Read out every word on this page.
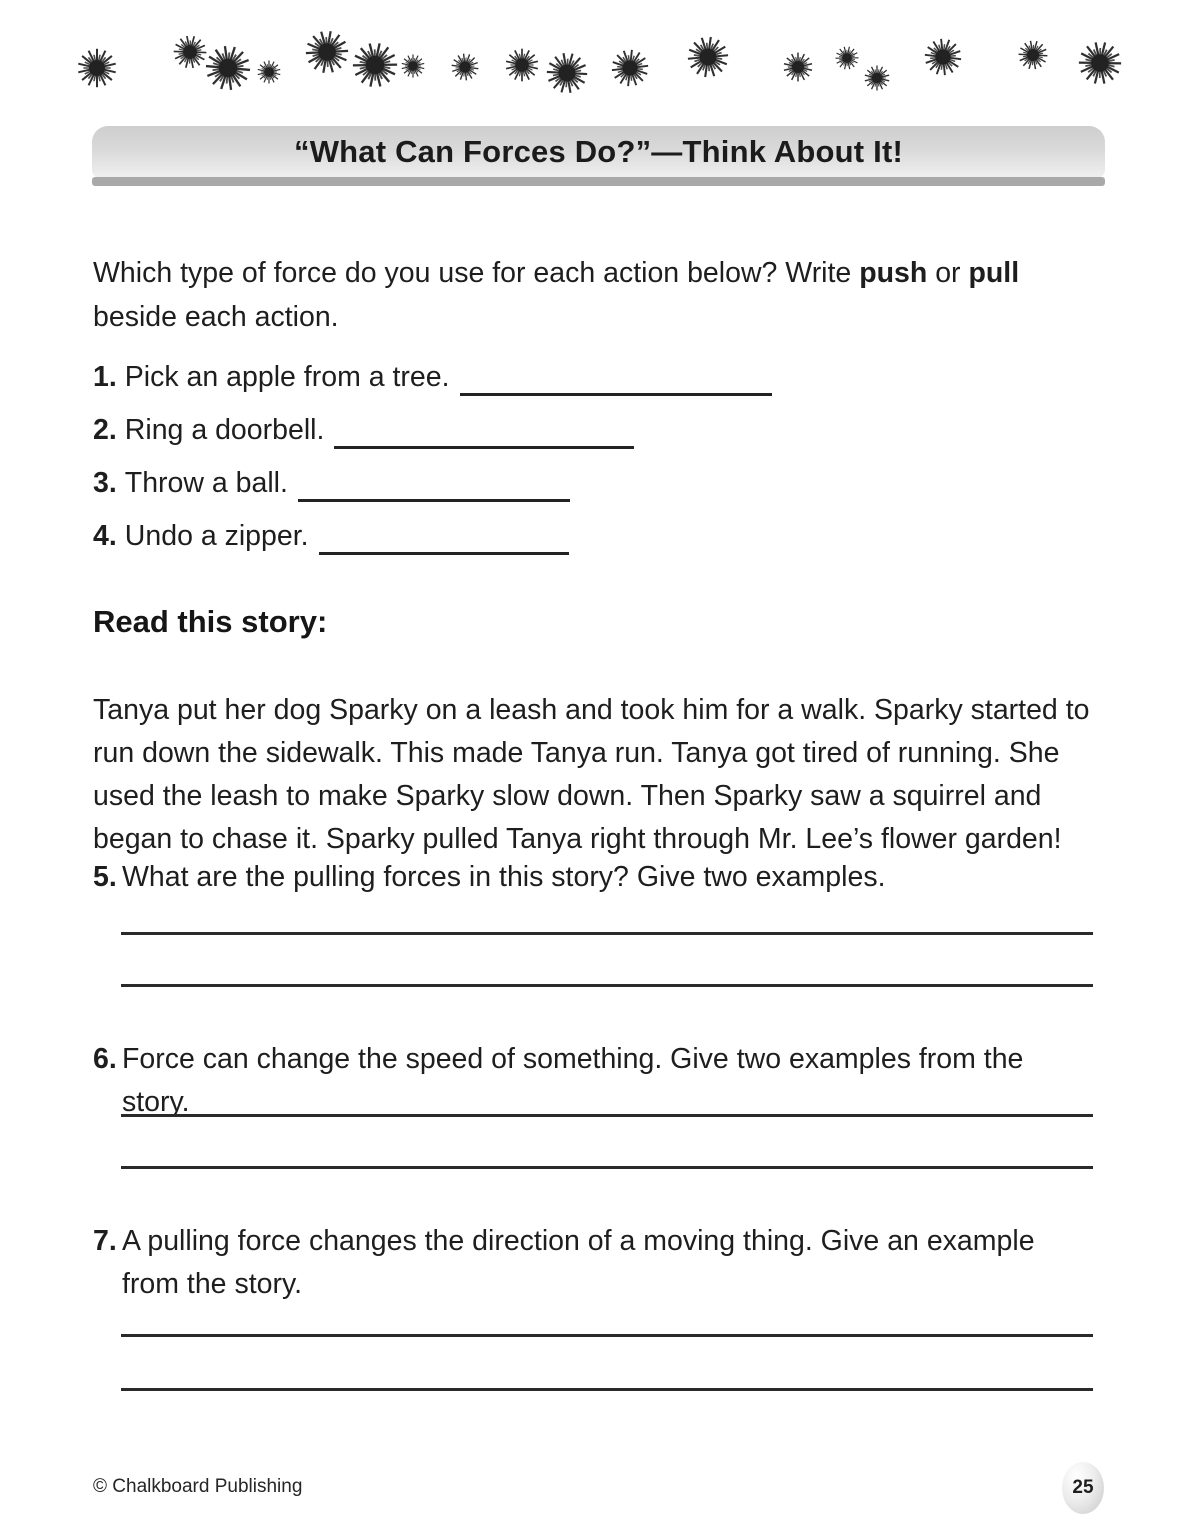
“What Can Forces Do?”—Think About It!

Which type of force do you use for each action below? Write push or pull beside each action.

1. Pick an apple from a tree.
2. Ring a doorbell.
3. Throw a ball.
4. Undo a zipper.
Read this story:

Tanya put her dog Sparky on a leash and took him for a walk. Sparky started to run down the sidewalk. This made Tanya run. Tanya got tired of running. She used the leash to make Sparky slow down. Then Sparky saw a squirrel and began to chase it. Sparky pulled Tanya right through Mr. Lee’s flower garden!

5. What are the pulling forces in this story? Give two examples.
6. Force can change the speed of something. Give two examples from the story.
7. A pulling force changes the direction of a moving thing. Give an example from the story.
© Chalkboard Publishing	25
